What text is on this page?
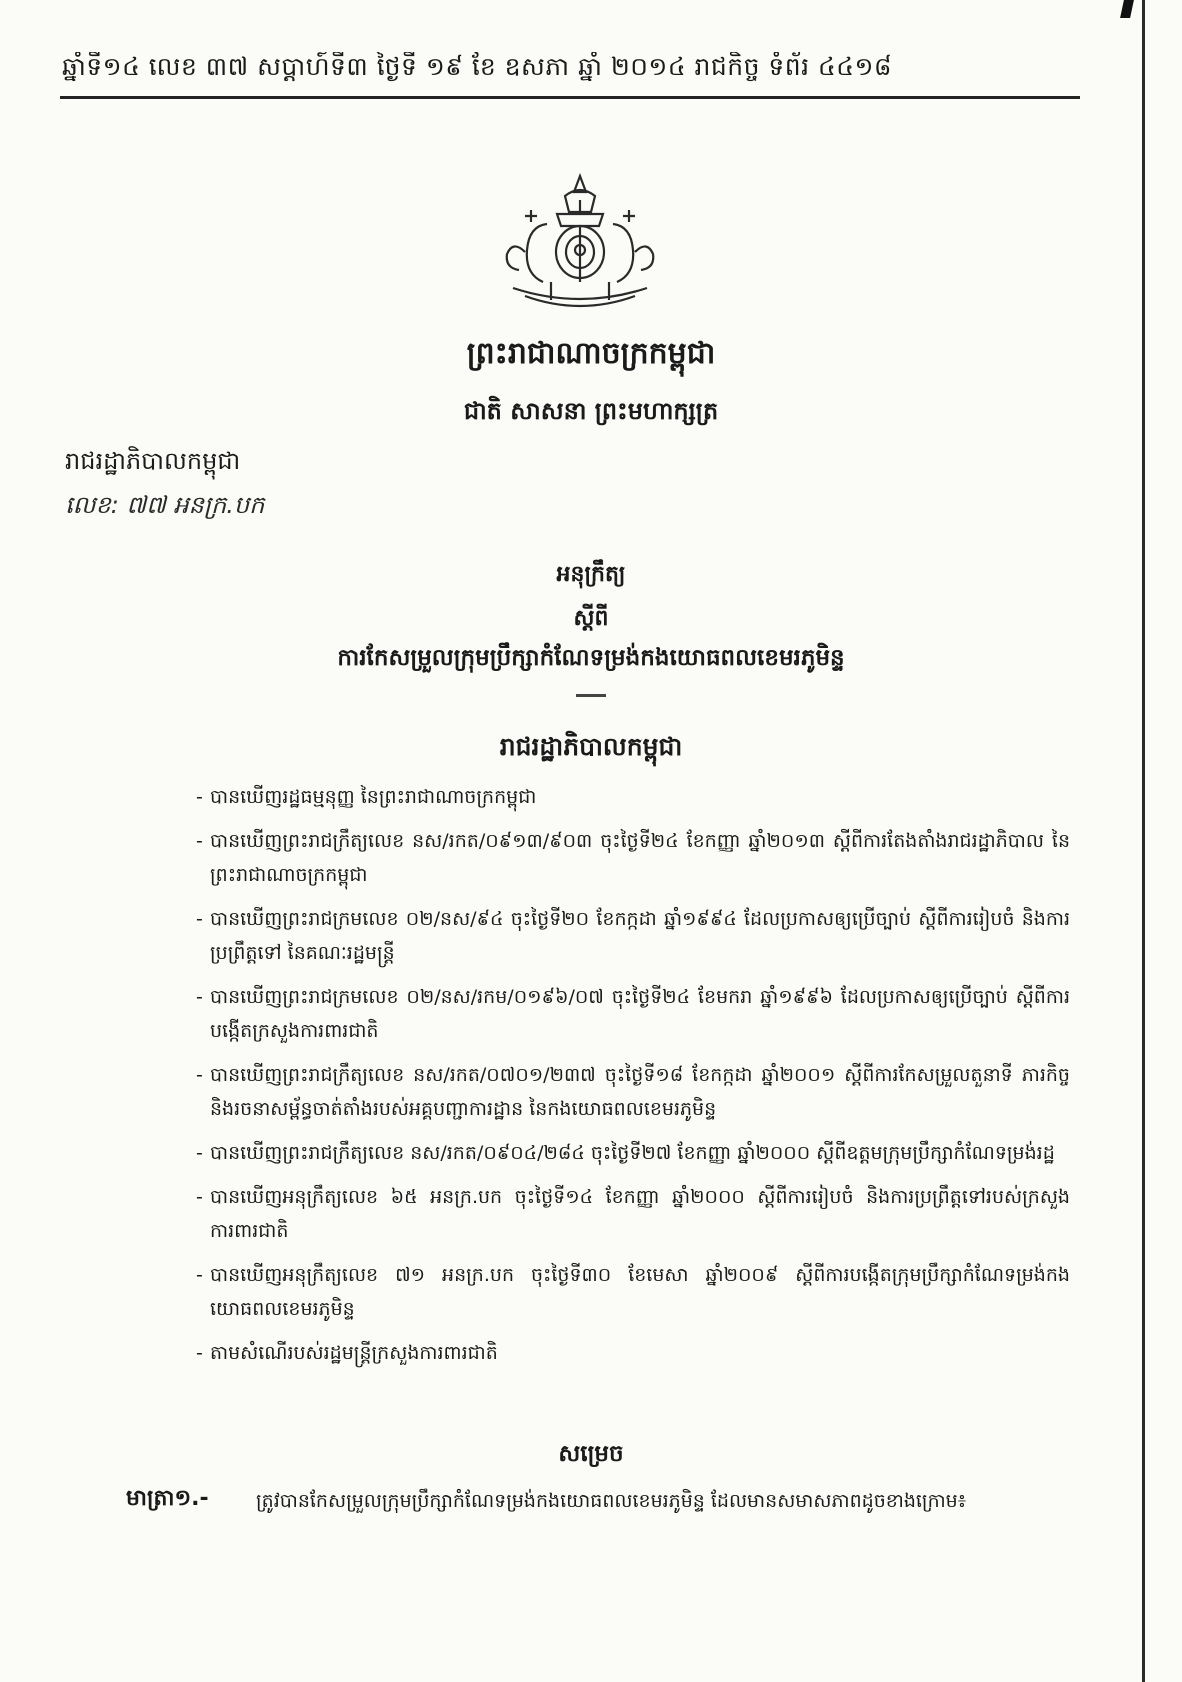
ឆ្នាំទី១៤ លេខ ៣៧ សប្ដាហ៍ទី៣ ថ្ងៃទី ១៩ ខែ ឧសភា ឆ្នាំ ២០១៤ រាជកិច្ច ទំព័រ ៤៤១៨
ព្រះរាជាណាចក្រកម្ពុជា
ជាតិ សាសនា ព្រះមហាក្សត្រ
រាជរដ្ឋាភិបាលកម្ពុជា
លេខ: ៧៧ អនក្រ.បក
អនុក្រឹត្យ
ស្ដីពី
ការកែសម្រួលក្រុមប្រឹក្សាកំណែទម្រង់កងយោធពលខេមរភូមិន្ទ
រាជរដ្ឋាភិបាលកម្ពុជា
- បានឃើញរដ្ឋធម្មនុញ្ញ នៃព្រះរាជាណាចក្រកម្ពុជា
- បានឃើញព្រះរាជក្រឹត្យលេខ នស/រកត/០៩១៣/៩០៣ ចុះថ្ងៃទី២៤ ខែកញ្ញា ឆ្នាំ២០១៣ ស្ដីពីការតែងតាំងរាជរដ្ឋាភិបាល នៃព្រះរាជាណាចក្រកម្ពុជា
- បានឃើញព្រះរាជក្រមលេខ ០២/នស/៩៤ ចុះថ្ងៃទី២០ ខែកក្កដា ឆ្នាំ១៩៩៤ ដែលប្រកាសឲ្យប្រើច្បាប់ ស្ដីពីការរៀបចំ និងការប្រព្រឹត្តទៅ នៃគណៈរដ្ឋមន្ត្រី
- បានឃើញព្រះរាជក្រមលេខ ០២/នស/រកម/០១៩៦/០៧ ចុះថ្ងៃទី២៤ ខែមករា ឆ្នាំ១៩៩៦ ដែលប្រកាសឲ្យប្រើច្បាប់ ស្ដីពីការបង្កើតក្រសួងការពារជាតិ
- បានឃើញព្រះរាជក្រឹត្យលេខ នស/រកត/០៧០១/២៣៧ ចុះថ្ងៃទី១៨ ខែកក្កដា ឆ្នាំ២០០១ ស្ដីពីការកែសម្រួលតួនាទី ភារកិច្ច និងរចនាសម្ព័ន្ធចាត់តាំងរបស់អគ្គបញ្ជាការដ្ឋាន នៃកងយោធពលខេមរភូមិន្ទ
- បានឃើញព្រះរាជក្រឹត្យលេខ នស/រកត/០៩០៤/២៨៤ ចុះថ្ងៃទី២៧ ខែកញ្ញា ឆ្នាំ២០០០ ស្ដីពីឧត្តមក្រុមប្រឹក្សាកំណែទម្រង់រដ្ឋ
- បានឃើញអនុក្រឹត្យលេខ ៦៥ អនក្រ.បក ចុះថ្ងៃទី១៤ ខែកញ្ញា ឆ្នាំ២០០០ ស្ដីពីការរៀបចំ និងការប្រព្រឹត្តទៅរបស់ក្រសួងការពារជាតិ
- បានឃើញអនុក្រឹត្យលេខ ៧១ អនក្រ.បក ចុះថ្ងៃទី៣០ ខែមេសា ឆ្នាំ២០០៩ ស្ដីពីការបង្កើតក្រុមប្រឹក្សាកំណែទម្រង់កងយោធពលខេមរភូមិន្ទ
- តាមសំណើរបស់រដ្ឋមន្ត្រីក្រសួងការពារជាតិ
សម្រេច
មាត្រា១.- ត្រូវបានកែសម្រួលក្រុមប្រឹក្សាកំណែទម្រង់កងយោធពលខេមរភូមិន្ទ ដែលមានសមាសភាពដូចខាងក្រោម៖
